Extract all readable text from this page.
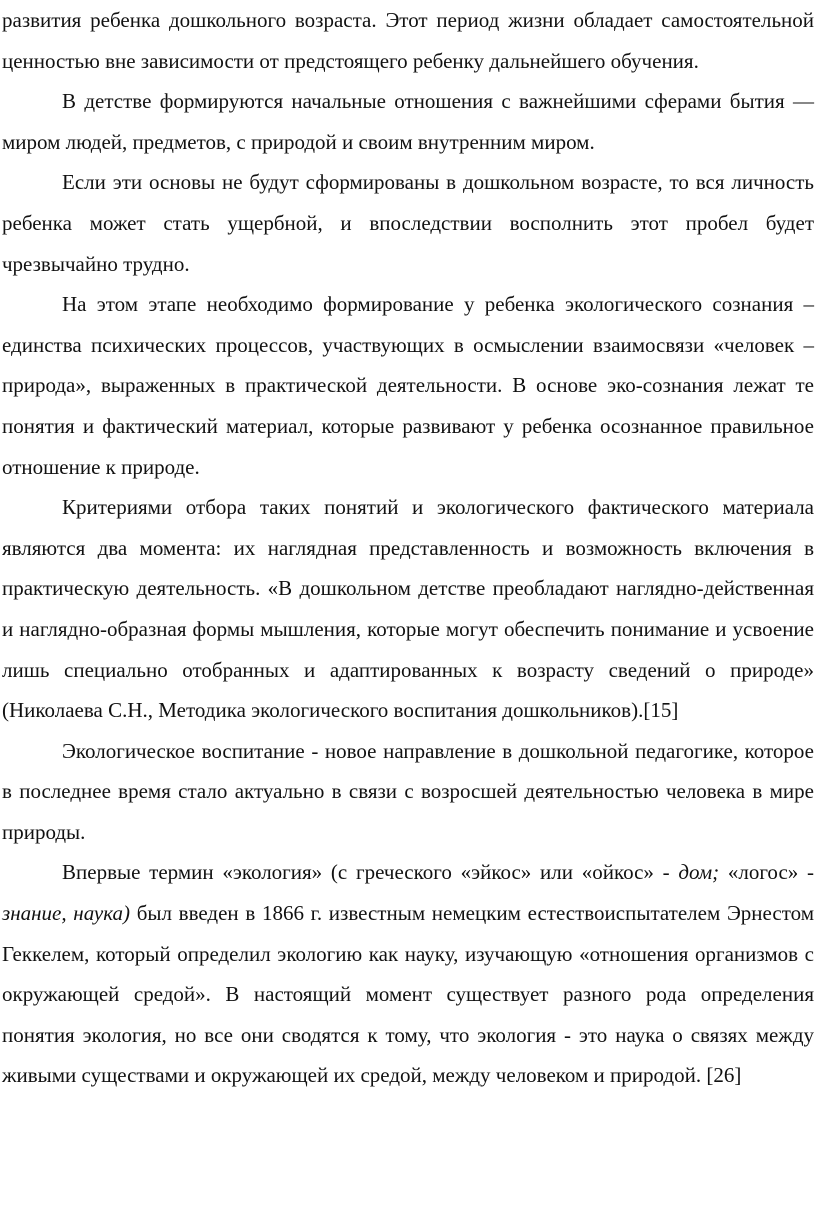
развития ребенка дошкольного возраста. Этот период жизни обладает самостоятельной ценностью вне зависимости от предстоящего ребенку дальнейшего обучения.

В детстве формируются начальные отношения с важнейшими сферами бытия — миром людей, предметов, с природой и своим внутренним миром.

Если эти основы не будут сформированы в дошкольном возрасте, то вся личность ребенка может стать ущербной, и впоследствии восполнить этот пробел будет чрезвычайно трудно.

На этом этапе необходимо формирование у ребенка экологического сознания – единства психических процессов, участвующих в осмыслении взаимосвязи «человек – природа», выраженных в практической деятельности. В основе эко-сознания лежат те понятия и фактический материал, которые развивают у ребенка осознанное правильное отношение к природе.

Критериями отбора таких понятий и экологического фактического материала являются два момента: их наглядная представленность и возможность включения в практическую деятельность. «В дошкольном детстве преобладают наглядно-действенная и наглядно-образная формы мышления, которые могут обеспечить понимание и усвоение лишь специально отобранных и адаптированных к возрасту сведений о природе» (Николаева С.Н., Методика экологического воспитания дошкольников).[15]

Экологическое воспитание - новое направление в дошкольной педагогике, которое в последнее время стало актуально в связи с возросшей деятельностью человека в мире природы.

Впервые термин «экология» (с греческого «эйкос» или «ойкос» - дом; «логос» - знание, наука) был введен в 1866 г. известным немецким естествоиспытателем Эрнестом Геккелем, который определил экологию как науку, изучающую «отношения организмов с окружающей средой». В настоящий момент существует разного рода определения понятия экология, но все они сводятся к тому, что экология - это наука о связях между живыми существами и окружающей их средой, между человеком и природой. [26]
